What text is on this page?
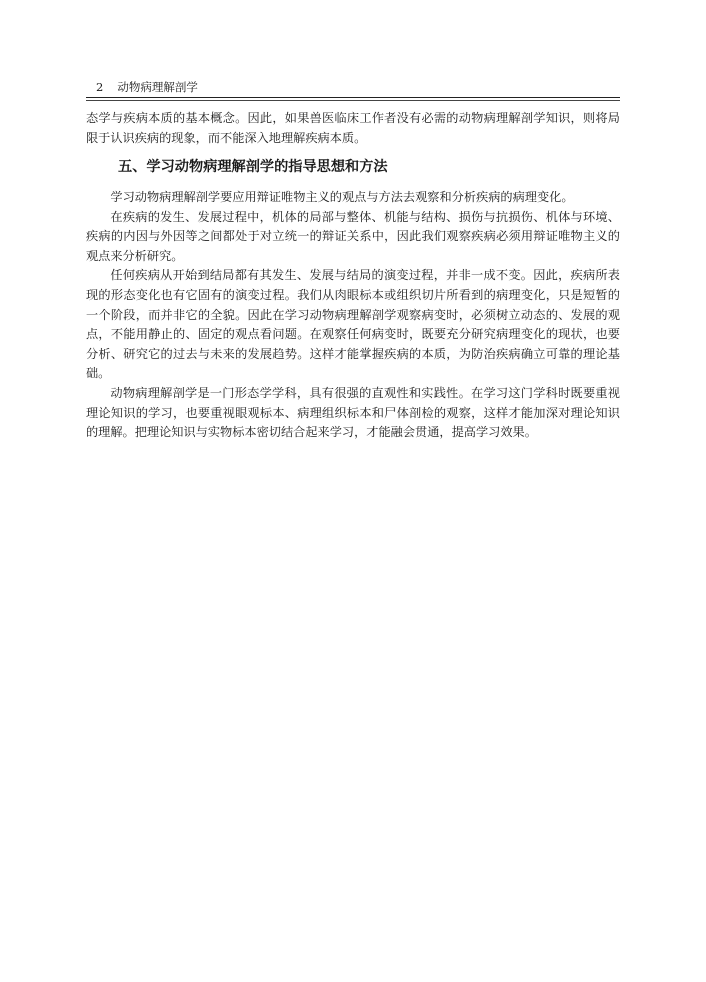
2 动物病理解剖学

态学与疾病本质的基本概念。因此，如果兽医临床工作者没有必需的动物病理解剖学知识，则将局限于认识疾病的现象，而不能深入地理解疾病本质。

五、学习动物病理解剖学的指导思想和方法

学习动物病理解剖学要应用辩证唯物主义的观点与方法去观察和分析疾病的病理变化。

在疾病的发生、发展过程中，机体的局部与整体、机能与结构、损伤与抗损伤、机体与环境、疾病的内因与外因等之间都处于对立统一的辩证关系中，因此我们观察疾病必须用辩证唯物主义的观点来分析研究。

任何疾病从开始到结局都有其发生、发展与结局的演变过程，并非一成不变。因此，疾病所表现的形态变化也有它固有的演变过程。我们从肉眼标本或组织切片所看到的病理变化，只是短暂的一个阶段，而并非它的全貌。因此在学习动物病理解剖学观察病变时，必须树立动态的、发展的观点，不能用静止的、固定的观点看问题。在观察任何病变时，既要充分研究病理变化的现状，也要分析、研究它的过去与未来的发展趋势。这样才能掌握疾病的本质，为防治疾病确立可靠的理论基础。

动物病理解剖学是一门形态学学科，具有很强的直观性和实践性。在学习这门学科时既要重视理论知识的学习，也要重视眼观标本、病理组织标本和尸体剖检的观察，这样才能加深对理论知识的理解。把理论知识与实物标本密切结合起来学习，才能融会贯通，提高学习效果。
